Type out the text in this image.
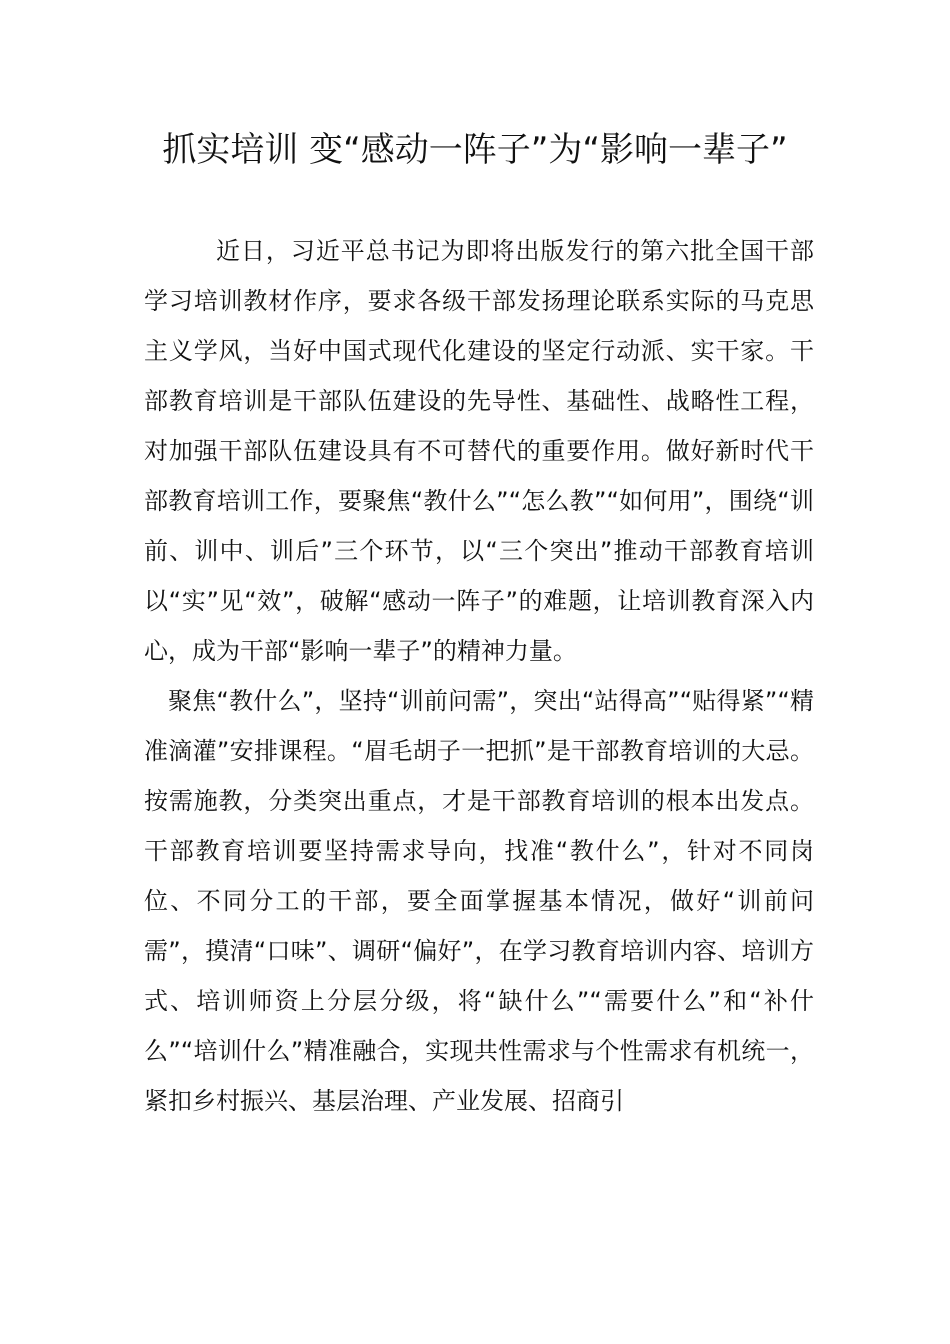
抓实培训 变“感动一阵子”为“影响一辈子”

近日，习近平总书记为即将出版发行的第六批全国干部学习培训教材作序，要求各级干部发扬理论联系实际的马克思主义学风，当好中国式现代化建设的坚定行动派、实干家。干部教育培训是干部队伍建设的先导性、基础性、战略性工程，对加强干部队伍建设具有不可替代的重要作用。做好新时代干部教育培训工作，要聚焦“教什么”“怎么教”“如何用”，围绕“训前、训中、训后”三个环节，以“三个突出”推动干部教育培训以“实”见“效”，破解“感动一阵子”的难题，让培训教育深入内心，成为干部“影响一辈子”的精神力量。

聚焦“教什么”，坚持“训前问需”，突出“站得高”“贴得紧”“精准滴灌”安排课程。“眉毛胡子一把抓”是干部教育培训的大忌。按需施教，分类突出重点，才是干部教育培训的根本出发点。干部教育培训要坚持需求导向，找准“教什么”，针对不同岗位、不同分工的干部，要全面掌握基本情况，做好“训前问需”，摸清“口味”、调研“偏好”，在学习教育培训内容、培训方式、培训师资上分层分级，将“缺什么”“需要什么”和“补什么”“培训什么”精准融合，实现共性需求与个性需求有机统一，紧扣乡村振兴、基层治理、产业发展、招商引
